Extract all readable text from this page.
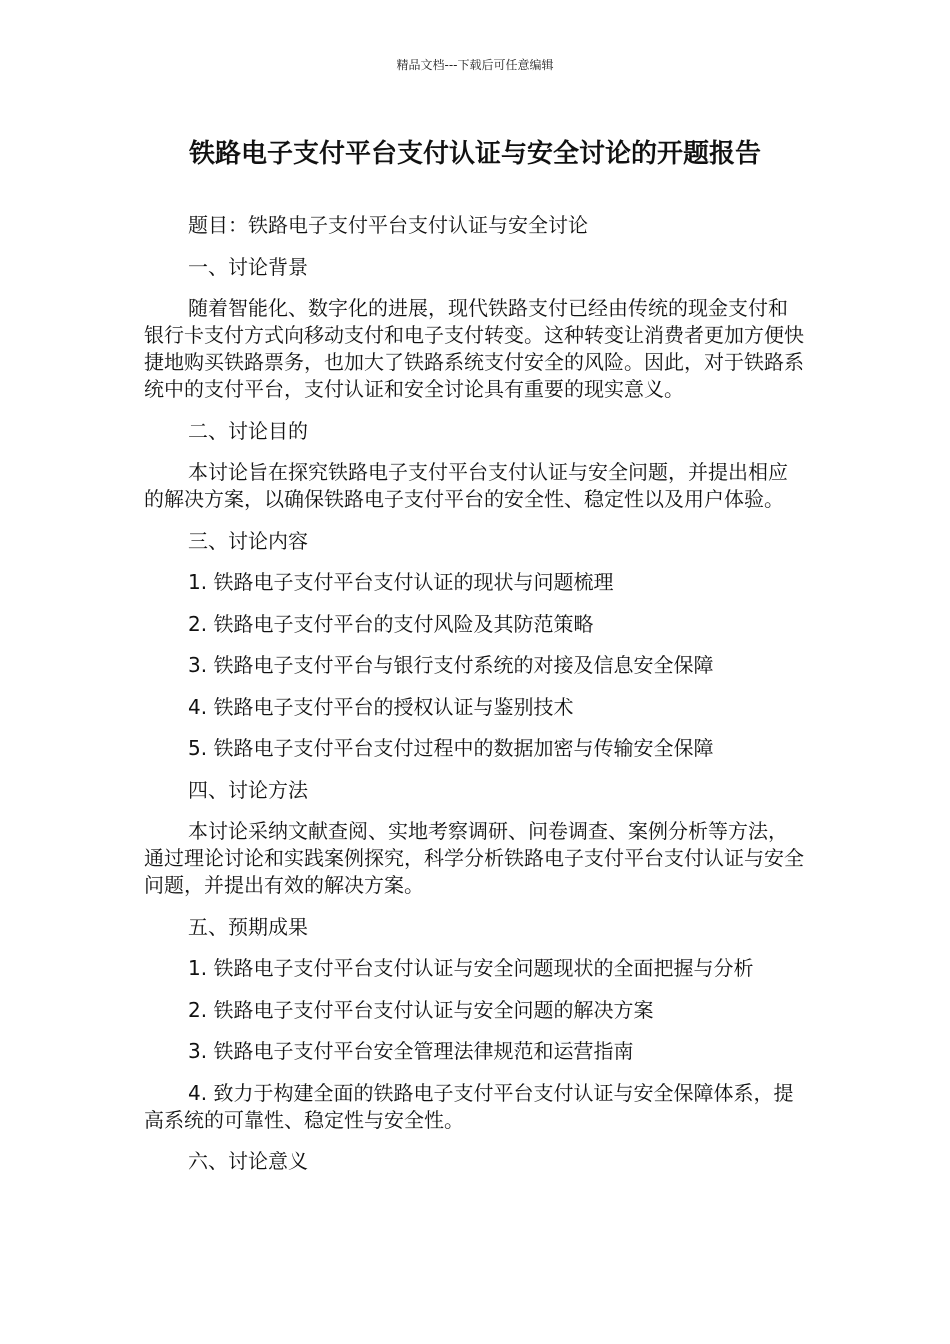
精品文档---下载后可任意编辑
铁路电子支付平台支付认证与安全讨论的开题报告

题目：铁路电子支付平台支付认证与安全讨论

一、讨论背景

随着智能化、数字化的进展，现代铁路支付已经由传统的现金支付和银行卡支付方式向移动支付和电子支付转变。这种转变让消费者更加方便快捷地购买铁路票务，也加大了铁路系统支付安全的风险。因此，对于铁路系统中的支付平台，支付认证和安全讨论具有重要的现实意义。

二、讨论目的

本讨论旨在探究铁路电子支付平台支付认证与安全问题，并提出相应的解决方案，以确保铁路电子支付平台的安全性、稳定性以及用户体验。

三、讨论内容

1. 铁路电子支付平台支付认证的现状与问题梳理

2. 铁路电子支付平台的支付风险及其防范策略

3. 铁路电子支付平台与银行支付系统的对接及信息安全保障

4. 铁路电子支付平台的授权认证与鉴别技术

5. 铁路电子支付平台支付过程中的数据加密与传输安全保障

四、讨论方法

本讨论采纳文献查阅、实地考察调研、问卷调查、案例分析等方法，通过理论讨论和实践案例探究，科学分析铁路电子支付平台支付认证与安全问题，并提出有效的解决方案。

五、预期成果

1. 铁路电子支付平台支付认证与安全问题现状的全面把握与分析

2. 铁路电子支付平台支付认证与安全问题的解决方案

3. 铁路电子支付平台安全管理法律规范和运营指南

4. 致力于构建全面的铁路电子支付平台支付认证与安全保障体系，提高系统的可靠性、稳定性与安全性。

六、讨论意义
